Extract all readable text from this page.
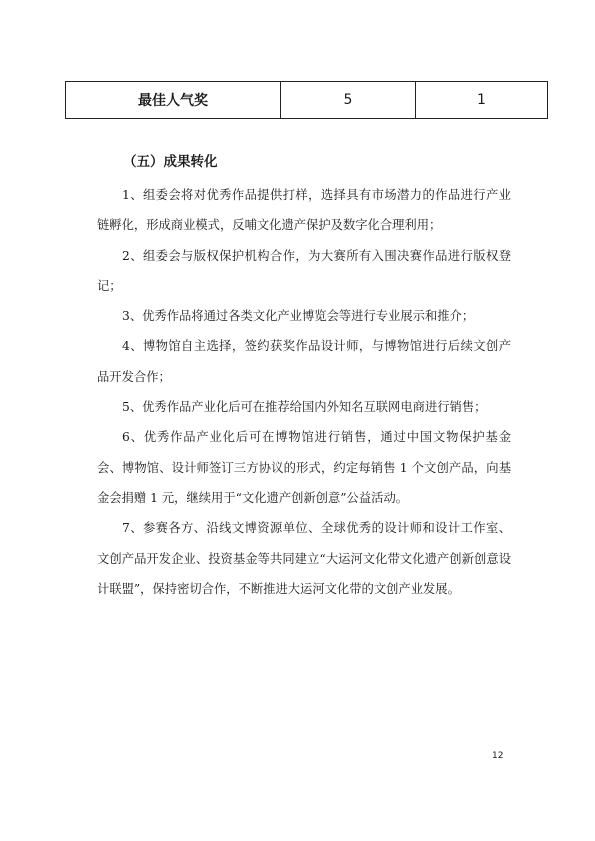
最佳人气奖	5	1
（五）成果转化

1、组委会将对优秀作品提供打样，选择具有市场潜力的作品进行产业链孵化，形成商业模式，反哺文化遗产保护及数字化合理利用；

2、组委会与版权保护机构合作，为大赛所有入围决赛作品进行版权登记；

3、优秀作品将通过各类文化产业博览会等进行专业展示和推介；

4、博物馆自主选择，签约获奖作品设计师，与博物馆进行后续文创产品开发合作；

5、优秀作品产业化后可在推荐给国内外知名互联网电商进行销售；

6、优秀作品产业化后可在博物馆进行销售，通过中国文物保护基金会、博物馆、设计师签订三方协议的形式，约定每销售 1 个文创产品，向基金会捐赠 1 元，继续用于“文化遗产创新创意”公益活动。

7、参赛各方、沿线文博资源单位、全球优秀的设计师和设计工作室、文创产品开发企业、投资基金等共同建立“大运河文化带文化遗产创新创意设计联盟”，保持密切合作，不断推进大运河文化带的文创产业发展。

12
